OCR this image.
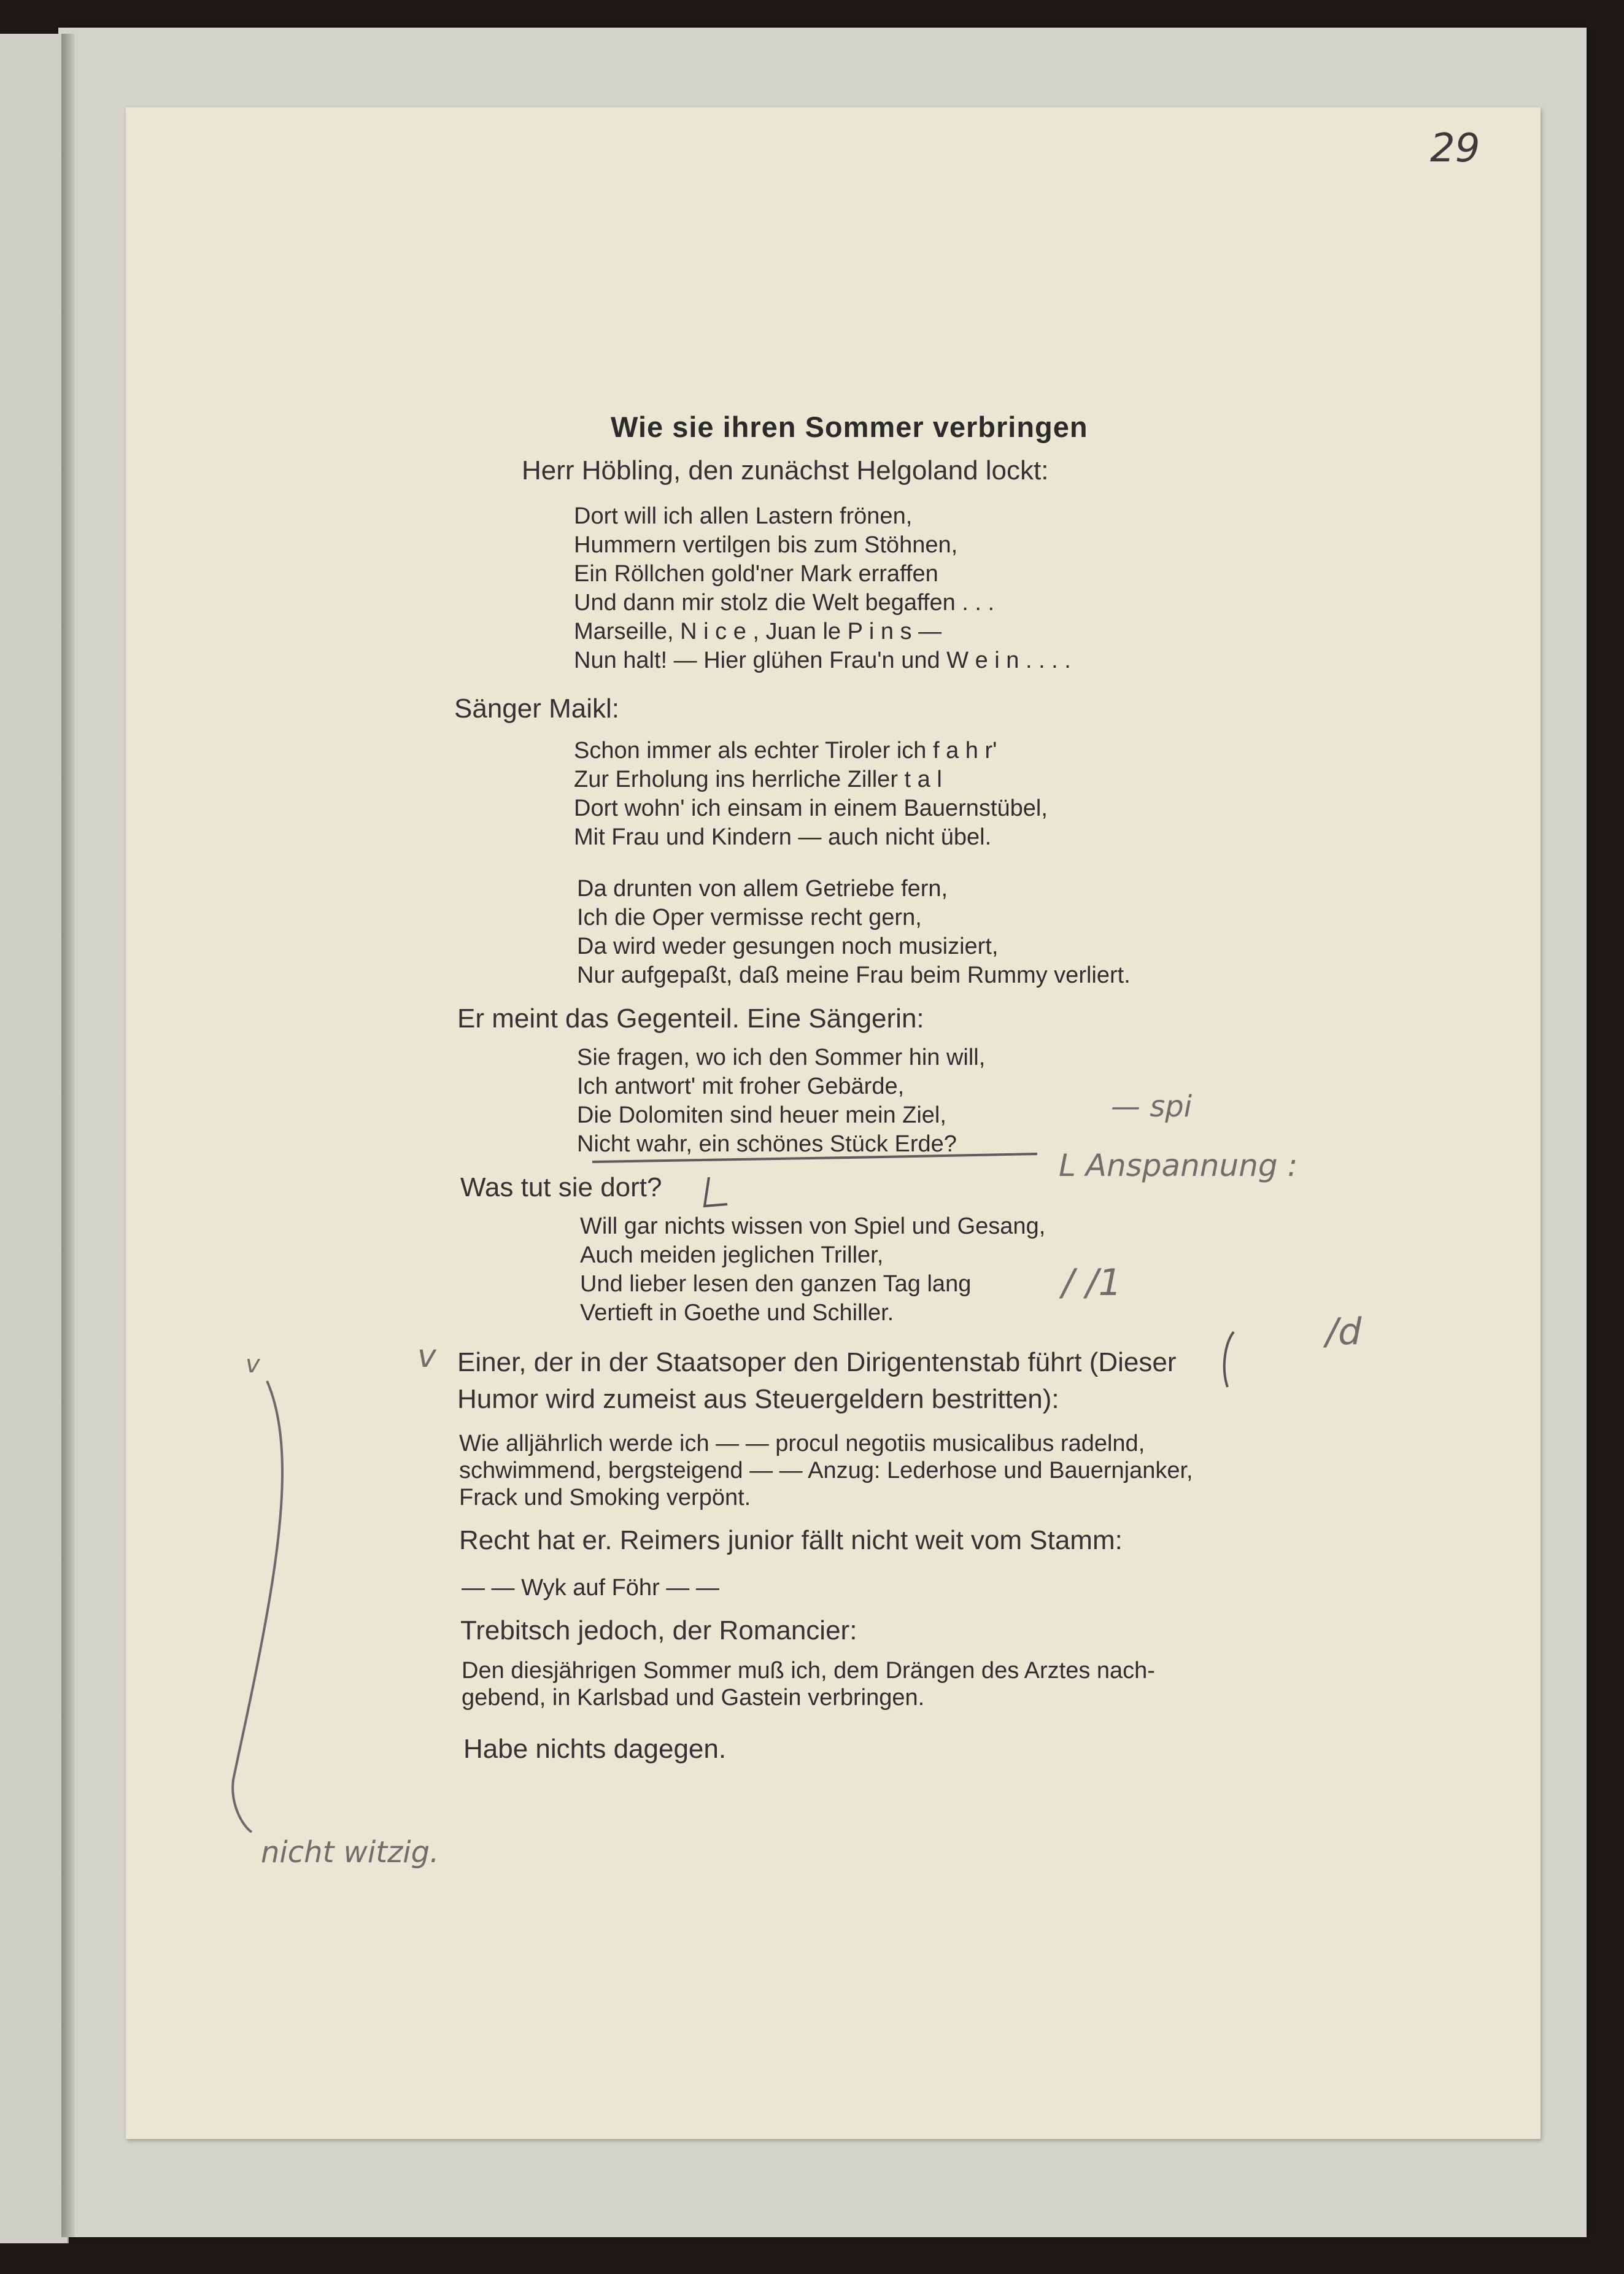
29
Wie sie ihren Sommer verbringen
Herr Höbling, den zunächst Helgoland lockt:
Dort will ich allen Lastern frönen,
Hummern vertilgen bis zum Stöhnen,
Ein Röllchen gold'ner Mark erraffen
Und dann mir stolz die Welt begaffen . . .
Marseille, N i c e , Juan le P i n s —
Nun halt! — Hier glühen Frau'n und W e i n . . . .
Sänger Maikl:
Schon immer als echter Tiroler ich f a h r'
Zur Erholung ins herrliche Ziller t a l
Dort wohn' ich einsam in einem Bauernstübel,
Mit Frau und Kindern — auch nicht übel.
Da drunten von allem Getriebe fern,
Ich die Oper vermisse recht gern,
Da wird weder gesungen noch musiziert,
Nur aufgepaßt, daß meine Frau beim Rummy verliert.
Er meint das Gegenteil. Eine Sängerin:
Sie fragen, wo ich den Sommer hin will,
Ich antwort' mit froher Gebärde,
Die Dolomiten sind heuer mein Ziel,
Nicht wahr, ein schönes Stück Erde?
Was tut sie dort?
Will gar nichts wissen von Spiel und Gesang,
Auch meiden jeglichen Triller,
Und lieber lesen den ganzen Tag lang
Vertieft in Goethe und Schiller.
Einer, der in der Staatsoper den Dirigentenstab führt (Dieser
Humor wird zumeist aus Steuergeldern bestritten):
Wie alljährlich werde ich — — procul negotiis musicalibus radelnd,
schwimmend, bergsteigend — — Anzug: Lederhose und Bauernjanker,
Frack und Smoking verpönt.
Recht hat er. Reimers junior fällt nicht weit vom Stamm:
— — Wyk auf Föhr — —
Trebitsch jedoch, der Romancier:
Den diesjährigen Sommer muß ich, dem Drängen des Arztes nach-
gebend, in Karlsbad und Gastein verbringen.
Habe nichts dagegen.
— spi
L Anspannung :
/ /1
/d
v	v
nicht witzig.
